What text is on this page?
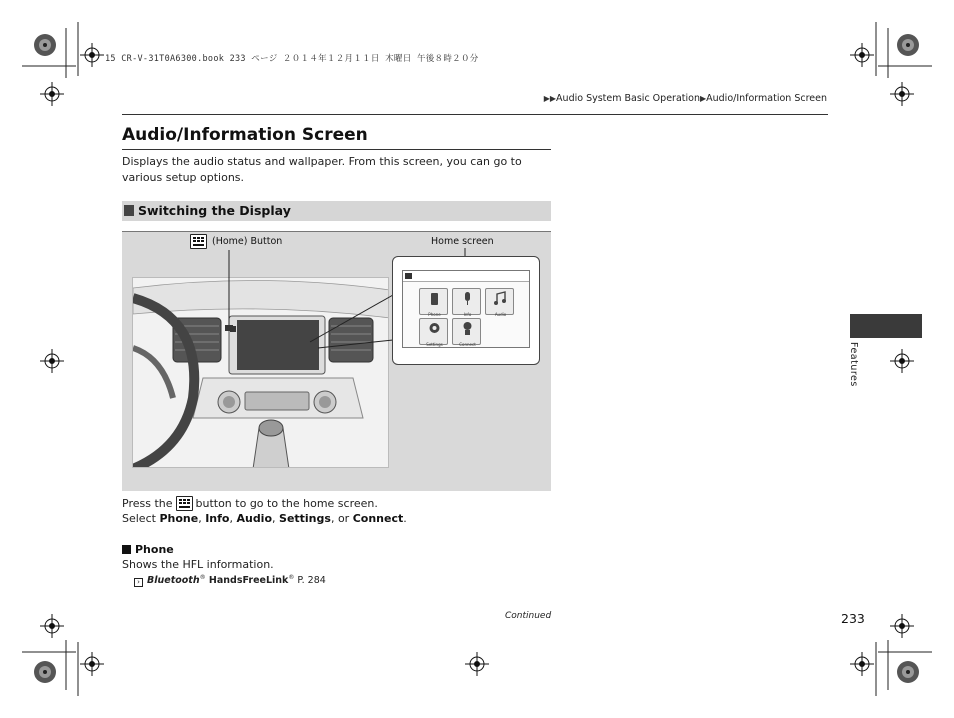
15 CR-V-31T0A6300.book 233 ページ ２０１４年１２月１１日 木曜日 午後８時２０分
▶▶Audio System Basic Operation▶Audio/Information Screen
Audio/Information Screen
Displays the audio status and wallpaper. From this screen, you can go to various setup options.
Switching the Display
(Home) Button	Home screen
Phone	Info	Audio
Settings	Connect
Press the button to go to the home screen.
Select Phone, Info, Audio, Settings, or Connect.
Phone
Shows the HFL information.
› Bluetooth® HandsFreeLink® P. 284
Continued	233
Features
